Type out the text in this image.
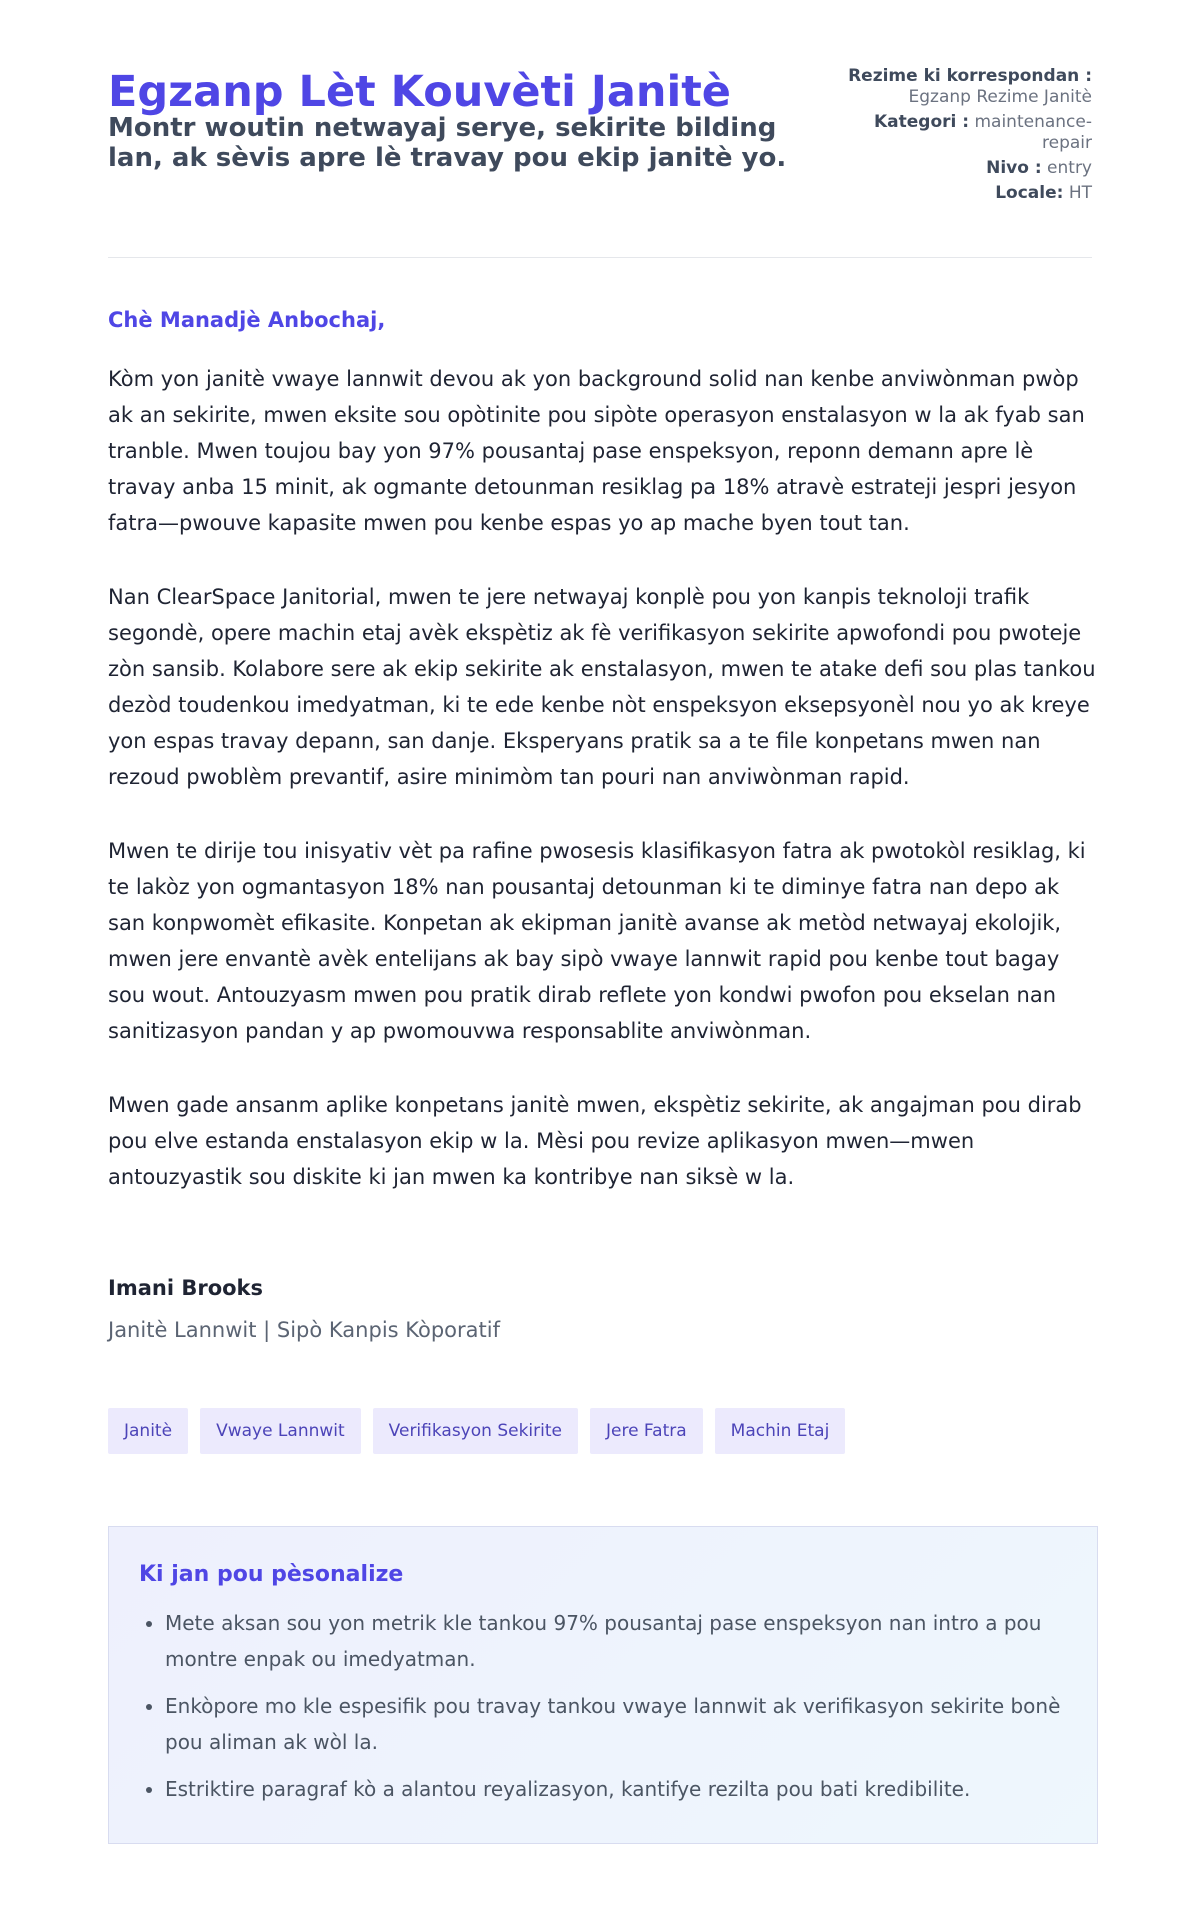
Egzanp Lèt Kouvèti Janitè
Montr woutin netwayaj serye, sekirite bilding lan, ak sèvis apre lè travay pou ekip janitè yo.
Rezime ki korrespondan : Egzanp Rezime Janitè
Kategori : maintenance-repair
Nivo : entry
Locale: HT

Chè Manadjè Anbochaj,

Kòm yon janitè vwaye lannwit devou ak yon background solid nan kenbe anviwònman pwòp ak an sekirite, mwen eksite sou opòtinite pou sipòte operasyon enstalasyon w la ak fyab san tranble. Mwen toujou bay yon 97% pousantaj pase enspeksyon, reponn demann apre lè travay anba 15 minit, ak ogmante detounman resiklag pa 18% atravè estrateji jespri jesyon fatra—pwouve kapasite mwen pou kenbe espas yo ap mache byen tout tan.

Nan ClearSpace Janitorial, mwen te jere netwayaj konplè pou yon kanpis teknoloji trafik segondè, opere machin etaj avèk ekspètiz ak fè verifikasyon sekirite apwofondi pou pwoteje zòn sansib. Kolabore sere ak ekip sekirite ak enstalasyon, mwen te atake defi sou plas tankou dezòd toudenkou imedyatman, ki te ede kenbe nòt enspeksyon eksepsyonèl nou yo ak kreye yon espas travay depann, san danje. Eksperyans pratik sa a te file konpetans mwen nan rezoud pwoblèm prevantif, asire minimòm tan pouri nan anviwònman rapid.

Mwen te dirije tou inisyativ vèt pa rafine pwosesis klasifikasyon fatra ak pwotokòl resiklag, ki te lakòz yon ogmantasyon 18% nan pousantaj detounman ki te diminye fatra nan depo ak san konpwomèt efikasite. Konpetan ak ekipman janitè avanse ak metòd netwayaj ekolojik, mwen jere envantè avèk entelijans ak bay sipò vwaye lannwit rapid pou kenbe tout bagay sou wout. Antouzyasm mwen pou pratik dirab reflete yon kondwi pwofon pou ekselan nan sanitizasyon pandan y ap pwomouvwa responsablite anviwònman.

Mwen gade ansanm aplike konpetans janitè mwen, ekspètiz sekirite, ak angajman pou dirab pou elve estanda enstalasyon ekip w la. Mèsi pou revize aplikasyon mwen—mwen antouzyastik sou diskite ki jan mwen ka kontribye nan siksè w la.

Imani Brooks

Janitè Lannwit | Sipò Kanpis Kòporatif

Janitè	Vwaye Lannwit	Verifikasyon Sekirite	Jere Fatra	Machin Etaj
Ki jan pou pèsonalize
• Mete aksan sou yon metrik kle tankou 97% pousantaj pase enspeksyon nan intro a pou montre enpak ou imedyatman.
• Enkòpore mo kle espesifik pou travay tankou vwaye lannwit ak verifikasyon sekirite bonè pou aliman ak wòl la.
• Estriktire paragraf kò a alantou reyalizasyon, kantifye rezilta pou bati kredibilite.
